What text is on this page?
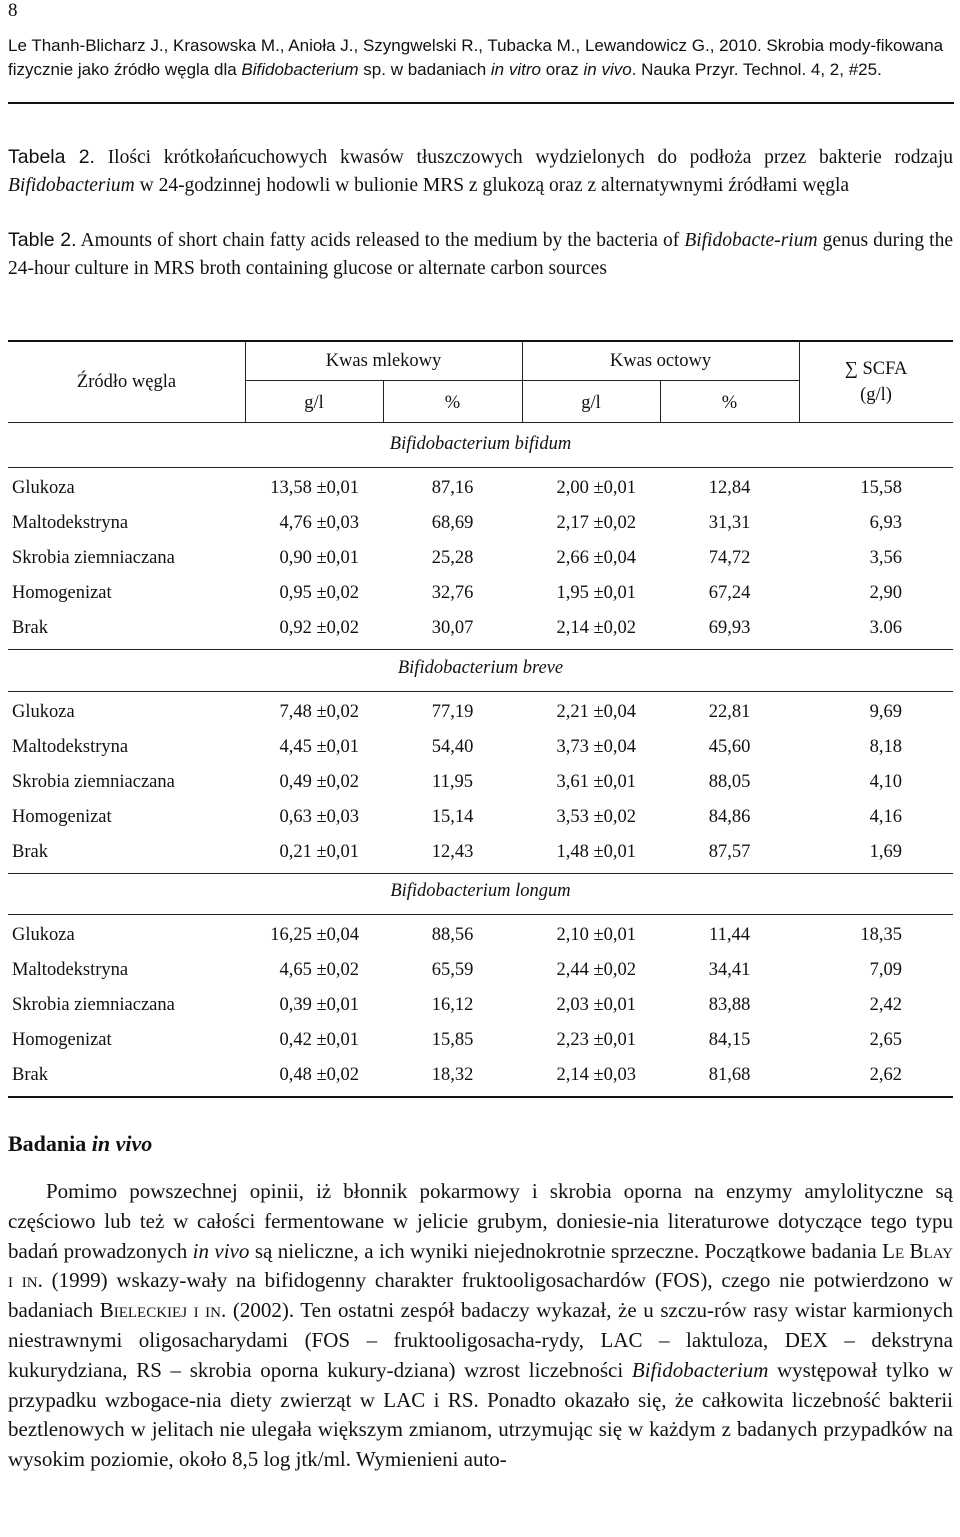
8
Le Thanh-Blicharz J., Krasowska M., Anioła J., Szyngwelski R., Tubacka M., Lewandowicz G., 2010. Skrobia mody-fikowana fizycznie jako źródło węgla dla Bifidobacterium sp. w badaniach in vitro oraz in vivo. Nauka Przyr. Technol. 4, 2, #25.
Tabela 2. Ilości krótkołańcuchowych kwasów tłuszczowych wydzielonych do podłoża przez bakterie rodzaju Bifidobacterium w 24-godzinnej hodowli w bulionie MRS z glukozą oraz z alternatywnymi źródłami węgla
Table 2. Amounts of short chain fatty acids released to the medium by the bacteria of Bifidobacte-rium genus during the 24-hour culture in MRS broth containing glucose or alternate carbon sources
Źródło węgla
Kwas mlekowy	Kwas octowy
g/l	%	g/l	%
∑ SCFA
(g/l)
Bifidobacterium bifidum
Glukoza	13,58 ±0,01	87,16	2,00 ±0,01	12,84	15,58
Maltodekstryna	4,76 ±0,03	68,69	2,17 ±0,02	31,31	6,93
Skrobia ziemniaczana	0,90 ±0,01	25,28	2,66 ±0,04	74,72	3,56
Homogenizat	0,95 ±0,02	32,76	1,95 ±0,01	67,24	2,90
Brak	0,92 ±0,02	30,07	2,14 ±0,02	69,93	3.06
Bifidobacterium breve
Glukoza	7,48 ±0,02	77,19	2,21 ±0,04	22,81	9,69
Maltodekstryna	4,45 ±0,01	54,40	3,73 ±0,04	45,60	8,18
Skrobia ziemniaczana	0,49 ±0,02	11,95	3,61 ±0,01	88,05	4,10
Homogenizat	0,63 ±0,03	15,14	3,53 ±0,02	84,86	4,16
Brak	0,21 ±0,01	12,43	1,48 ±0,01	87,57	1,69
Bifidobacterium longum
Glukoza	16,25 ±0,04	88,56	2,10 ±0,01	11,44	18,35
Maltodekstryna	4,65 ±0,02	65,59	2,44 ±0,02	34,41	7,09
Skrobia ziemniaczana	0,39 ±0,01	16,12	2,03 ±0,01	83,88	2,42
Homogenizat	0,42 ±0,01	15,85	2,23 ±0,01	84,15	2,65
Brak	0,48 ±0,02	18,32	2,14 ±0,03	81,68	2,62
Badania in vivo

Pomimo powszechnej opinii, iż błonnik pokarmowy i skrobia oporna na enzymy amylolityczne są częściowo lub też w całości fermentowane w jelicie grubym, doniesie-nia literaturowe dotyczące tego typu badań prowadzonych in vivo są nieliczne, a ich wyniki niejednokrotnie sprzeczne. Początkowe badania Le Blay i in. (1999) wskazy-wały na bifidogenny charakter fruktooligosachardów (FOS), czego nie potwierdzono w badaniach Bieleckiej i in. (2002). Ten ostatni zespół badaczy wykazał, że u szczu-rów rasy wistar karmionych niestrawnymi oligosacharydami (FOS – fruktooligosacha-rydy, LAC – laktuloza, DEX – dekstryna kukurydziana, RS – skrobia oporna kukury-dziana) wzrost liczebności Bifidobacterium występował tylko w przypadku wzbogace-nia diety zwierząt w LAC i RS. Ponadto okazało się, że całkowita liczebność bakterii beztlenowych w jelitach nie ulegała większym zmianom, utrzymując się w każdym z badanych przypadków na wysokim poziomie, około 8,5 log jtk/ml. Wymienieni auto-
